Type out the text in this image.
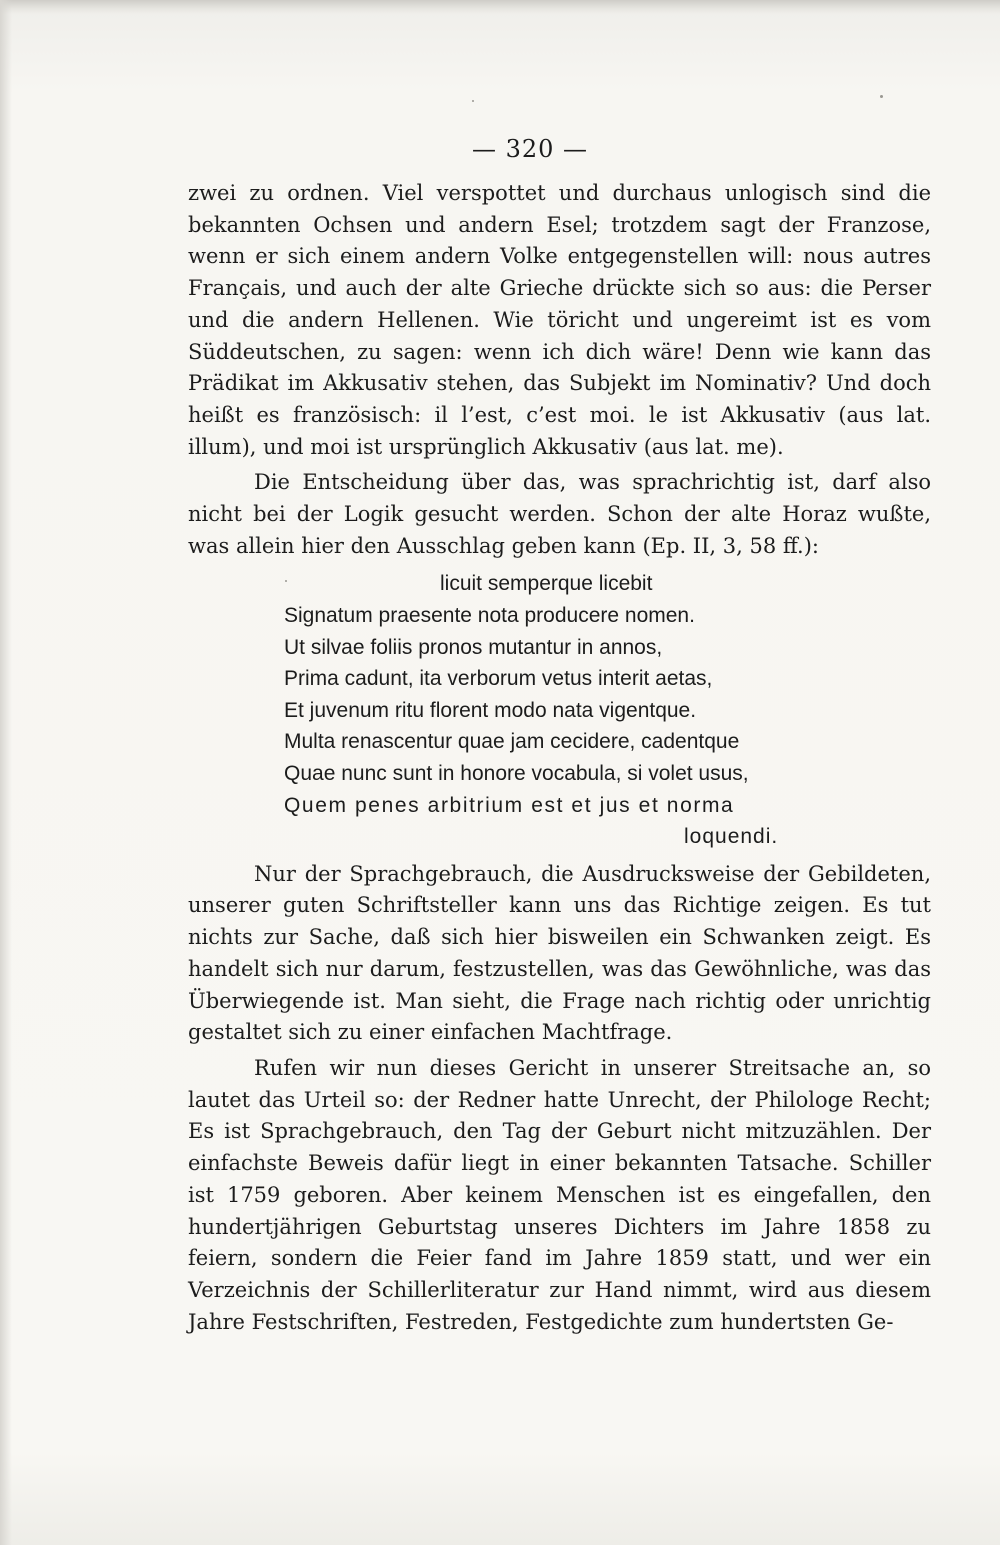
— 320 —

zwei zu ordnen. Viel verspottet und durchaus unlogisch sind die bekannten Ochsen und andern Esel; trotzdem sagt der Franzose, wenn er sich einem andern Volke entgegenstellen will: nous autres Français, und auch der alte Grieche drückte sich so aus: die Perser und die andern Hellenen. Wie töricht und ungereimt ist es vom Süddeutschen, zu sagen: wenn ich dich wäre! Denn wie kann das Prädikat im Akkusativ stehen, das Subjekt im Nominativ? Und doch heißt es französisch: il l’est, c’est moi. le ist Akkusativ (aus lat. illum), und moi ist ursprünglich Akkusativ (aus lat. me).

Die Entscheidung über das, was sprachrichtig ist, darf also nicht bei der Logik gesucht werden. Schon der alte Horaz wußte, was allein hier den Ausschlag geben kann (Ep. II, 3, 58 ff.):

licuit semperque licebit
Signatum praesente nota producere nomen.
Ut silvae foliis pronos mutantur in annos,
Prima cadunt, ita verborum vetus interit aetas,
Et juvenum ritu florent modo nata vigentque.
Multa renascentur quae jam cecidere, cadentque
Quae nunc sunt in honore vocabula, si volet usus,
Quem penes arbitrium est et jus et norma
loquendi.

Nur der Sprachgebrauch, die Ausdrucksweise der Gebildeten, unserer guten Schriftsteller kann uns das Richtige zeigen. Es tut nichts zur Sache, daß sich hier bisweilen ein Schwanken zeigt. Es handelt sich nur darum, festzustellen, was das Gewöhnliche, was das Überwiegende ist. Man sieht, die Frage nach richtig oder unrichtig gestaltet sich zu einer einfachen Machtfrage.

Rufen wir nun dieses Gericht in unserer Streitsache an, so lautet das Urteil so: der Redner hatte Unrecht, der Philologe Recht; Es ist Sprachgebrauch, den Tag der Geburt nicht mitzuzählen. Der einfachste Beweis dafür liegt in einer bekannten Tatsache. Schiller ist 1759 geboren. Aber keinem Menschen ist es eingefallen, den hundertjährigen Geburtstag unseres Dichters im Jahre 1858 zu feiern, sondern die Feier fand im Jahre 1859 statt, und wer ein Verzeichnis der Schillerliteratur zur Hand nimmt, wird aus diesem Jahre Festschriften, Festreden, Festgedichte zum hundertsten Ge-
